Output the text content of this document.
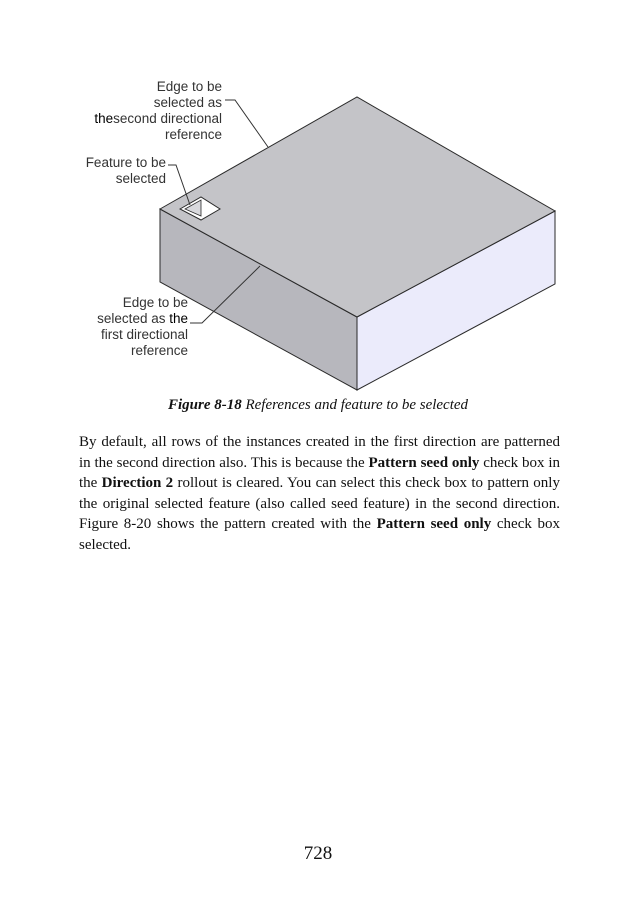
Edge to be
selected as
thesecond directional
reference
Feature to be
selected
Edge to be
selected as the
first directional
reference
Figure 8-18 References and feature to be selected
By default, all rows of the instances created in the first direction are patterned in the second direction also. This is because the Pattern seed only check box in the Direction 2 rollout is cleared. You can select this check box to pattern only the original selected feature (also called seed feature) in the second direction. Figure 8-20 shows the pattern created with the Pattern seed only check box selected.
728
